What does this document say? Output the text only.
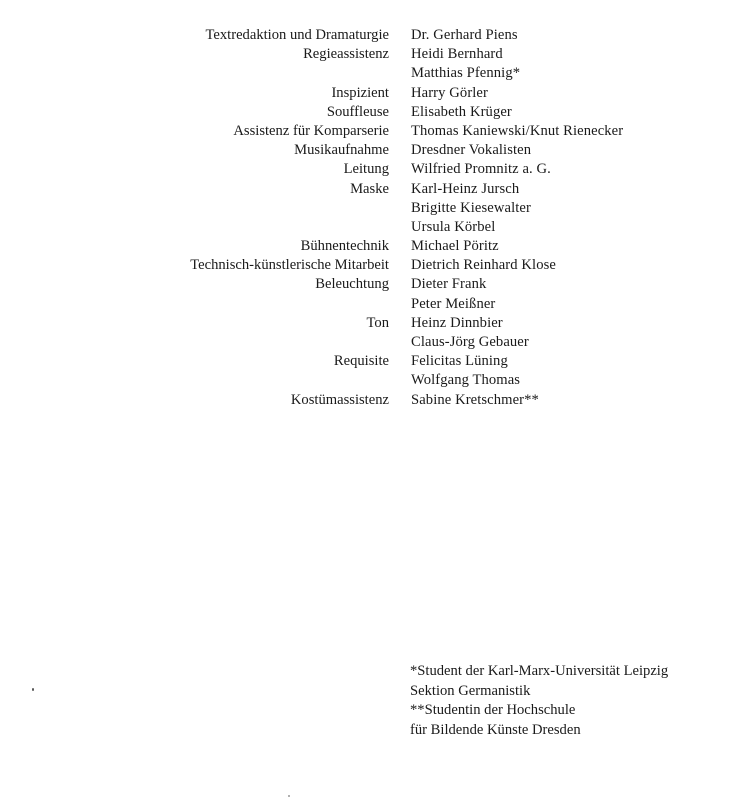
Textredaktion und Dramaturgie Dr. Gerhard Piens
Regieassistenz Heidi Bernhard
Matthias Pfennig*
Inspizient Harry Görler
Souffleuse Elisabeth Krüger
Assistenz für Komparserie Thomas Kaniewski/Knut Rienecker
Musikaufnahme Dresdner Vokalisten
Leitung Wilfried Promnitz a. G.
Maske Karl-Heinz Jursch
Brigitte Kiesewalter
Ursula Körbel
Bühnentechnik Michael Pöritz
Technisch-künstlerische Mitarbeit Dietrich Reinhard Klose
Beleuchtung Dieter Frank
Peter Meißner
Ton Heinz Dinnbier
Claus-Jörg Gebauer
Requisite Felicitas Lüning
Wolfgang Thomas
Kostümassistenz Sabine Kretschmer**
*Student der Karl-Marx-Universität Leipzig
Sektion Germanistik
**Studentin der Hochschule
für Bildende Künste Dresden
